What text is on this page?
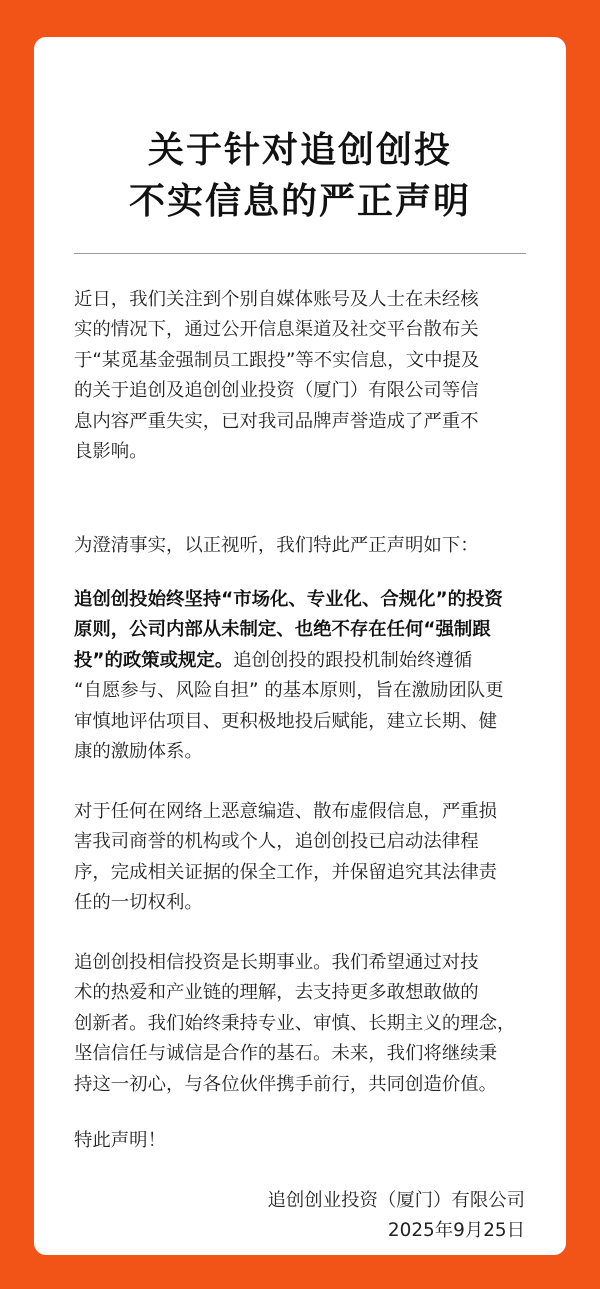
关于针对追创创投
不实信息的严正声明
近日，我们关注到个别自媒体账号及人士在未经核
实的情况下，通过公开信息渠道及社交平台散布关
于“某觅基金强制员工跟投”等不实信息，文中提及
的关于追创及追创创业投资（厦门）有限公司等信
息内容严重失实，已对我司品牌声誉造成了严重不
良影响。
为澄清事实，以正视听，我们特此严正声明如下：
追创创投始终坚持“市场化、专业化、合规化”的投资
原则，公司内部从未制定、也绝不存在任何“强制跟
投”的政策或规定。追创创投的跟投机制始终遵循
“自愿参与、风险自担” 的基本原则，旨在激励团队更
审慎地评估项目、更积极地投后赋能，建立长期、健
康的激励体系。
对于任何在网络上恶意编造、散布虚假信息，严重损
害我司商誉的机构或个人，追创创投已启动法律程
序，完成相关证据的保全工作，并保留追究其法律责
任的一切权利。
追创创投相信投资是长期事业。我们希望通过对技
术的热爱和产业链的理解，去支持更多敢想敢做的
创新者。我们始终秉持专业、审慎、长期主义的理念，
坚信信任与诚信是合作的基石。未来，我们将继续秉
持这一初心，与各位伙伴携手前行，共同创造价值。
特此声明！
追创创业投资（厦门）有限公司
2025年9月25日
